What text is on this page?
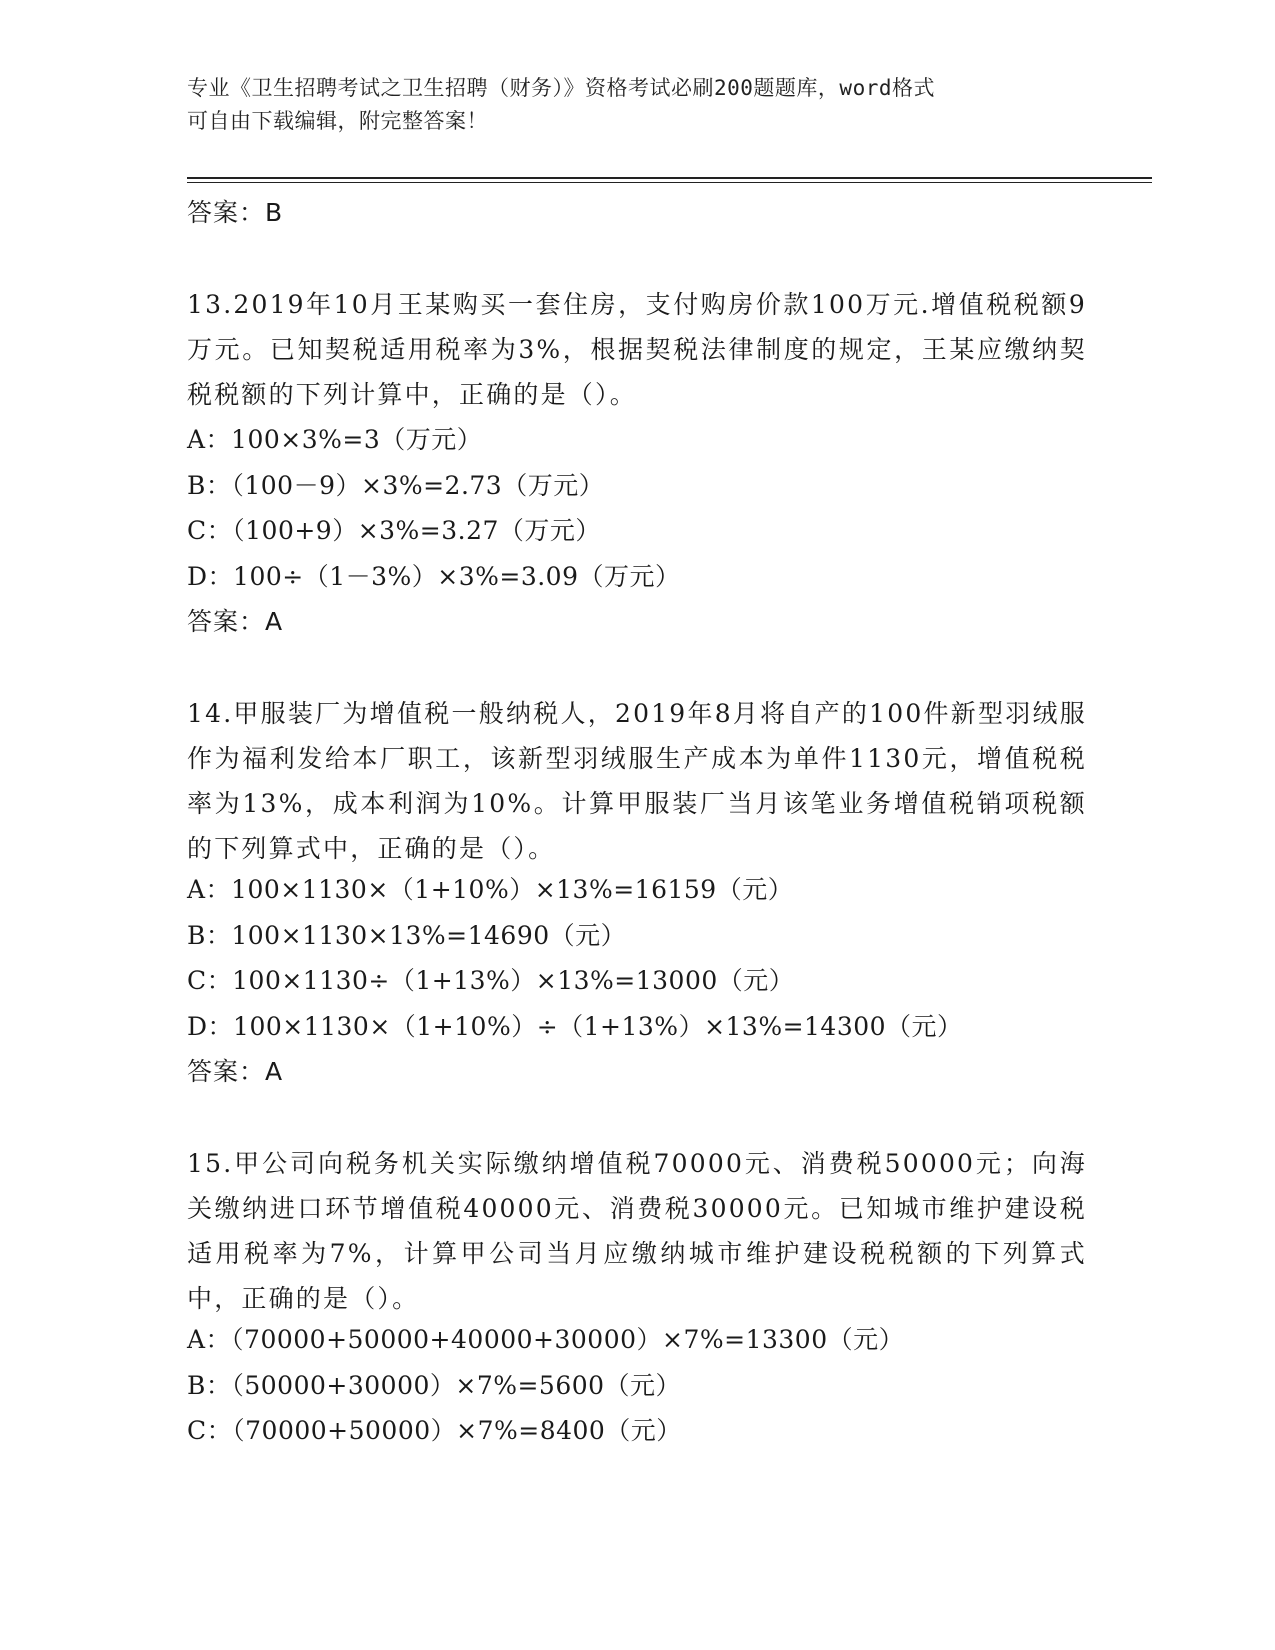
专业《卫生招聘考试之卫生招聘（财务）》资格考试必刷200题题库，word格式
可自由下载编辑，附完整答案！
答案：B
13.2019年10月王某购买一套住房，支付购房价款100万元.增值税税额9万元。已知契税适用税率为3%，根据契税法律制度的规定，王某应缴纳契税税额的下列计算中，正确的是（）。
A：100×3%=3（万元）
B：（100－9）×3%=2.73（万元）
C：（100+9）×3%=3.27（万元）
D：100÷（1－3%）×3%=3.09（万元）
答案：A
14.甲服装厂为增值税一般纳税人，2019年8月将自产的100件新型羽绒服作为福利发给本厂职工，该新型羽绒服生产成本为单件1130元，增值税税率为13%，成本利润为10%。计算甲服装厂当月该笔业务增值税销项税额的下列算式中，正确的是（）。
A：100×1130×（1+10%）×13%=16159（元）
B：100×1130×13%=14690（元）
C：100×1130÷（1+13%）×13%=13000（元）
D：100×1130×（1+10%）÷（1+13%）×13%=14300（元）
答案：A
15.甲公司向税务机关实际缴纳增值税70000元、消费税50000元；向海关缴纳进口环节增值税40000元、消费税30000元。已知城市维护建设税适用税率为7%，计算甲公司当月应缴纳城市维护建设税税额的下列算式中，正确的是（）。
A：（70000+50000+40000+30000）×7%=13300（元）
B：（50000+30000）×7%=5600（元）
C：（70000+50000）×7%=8400（元）
